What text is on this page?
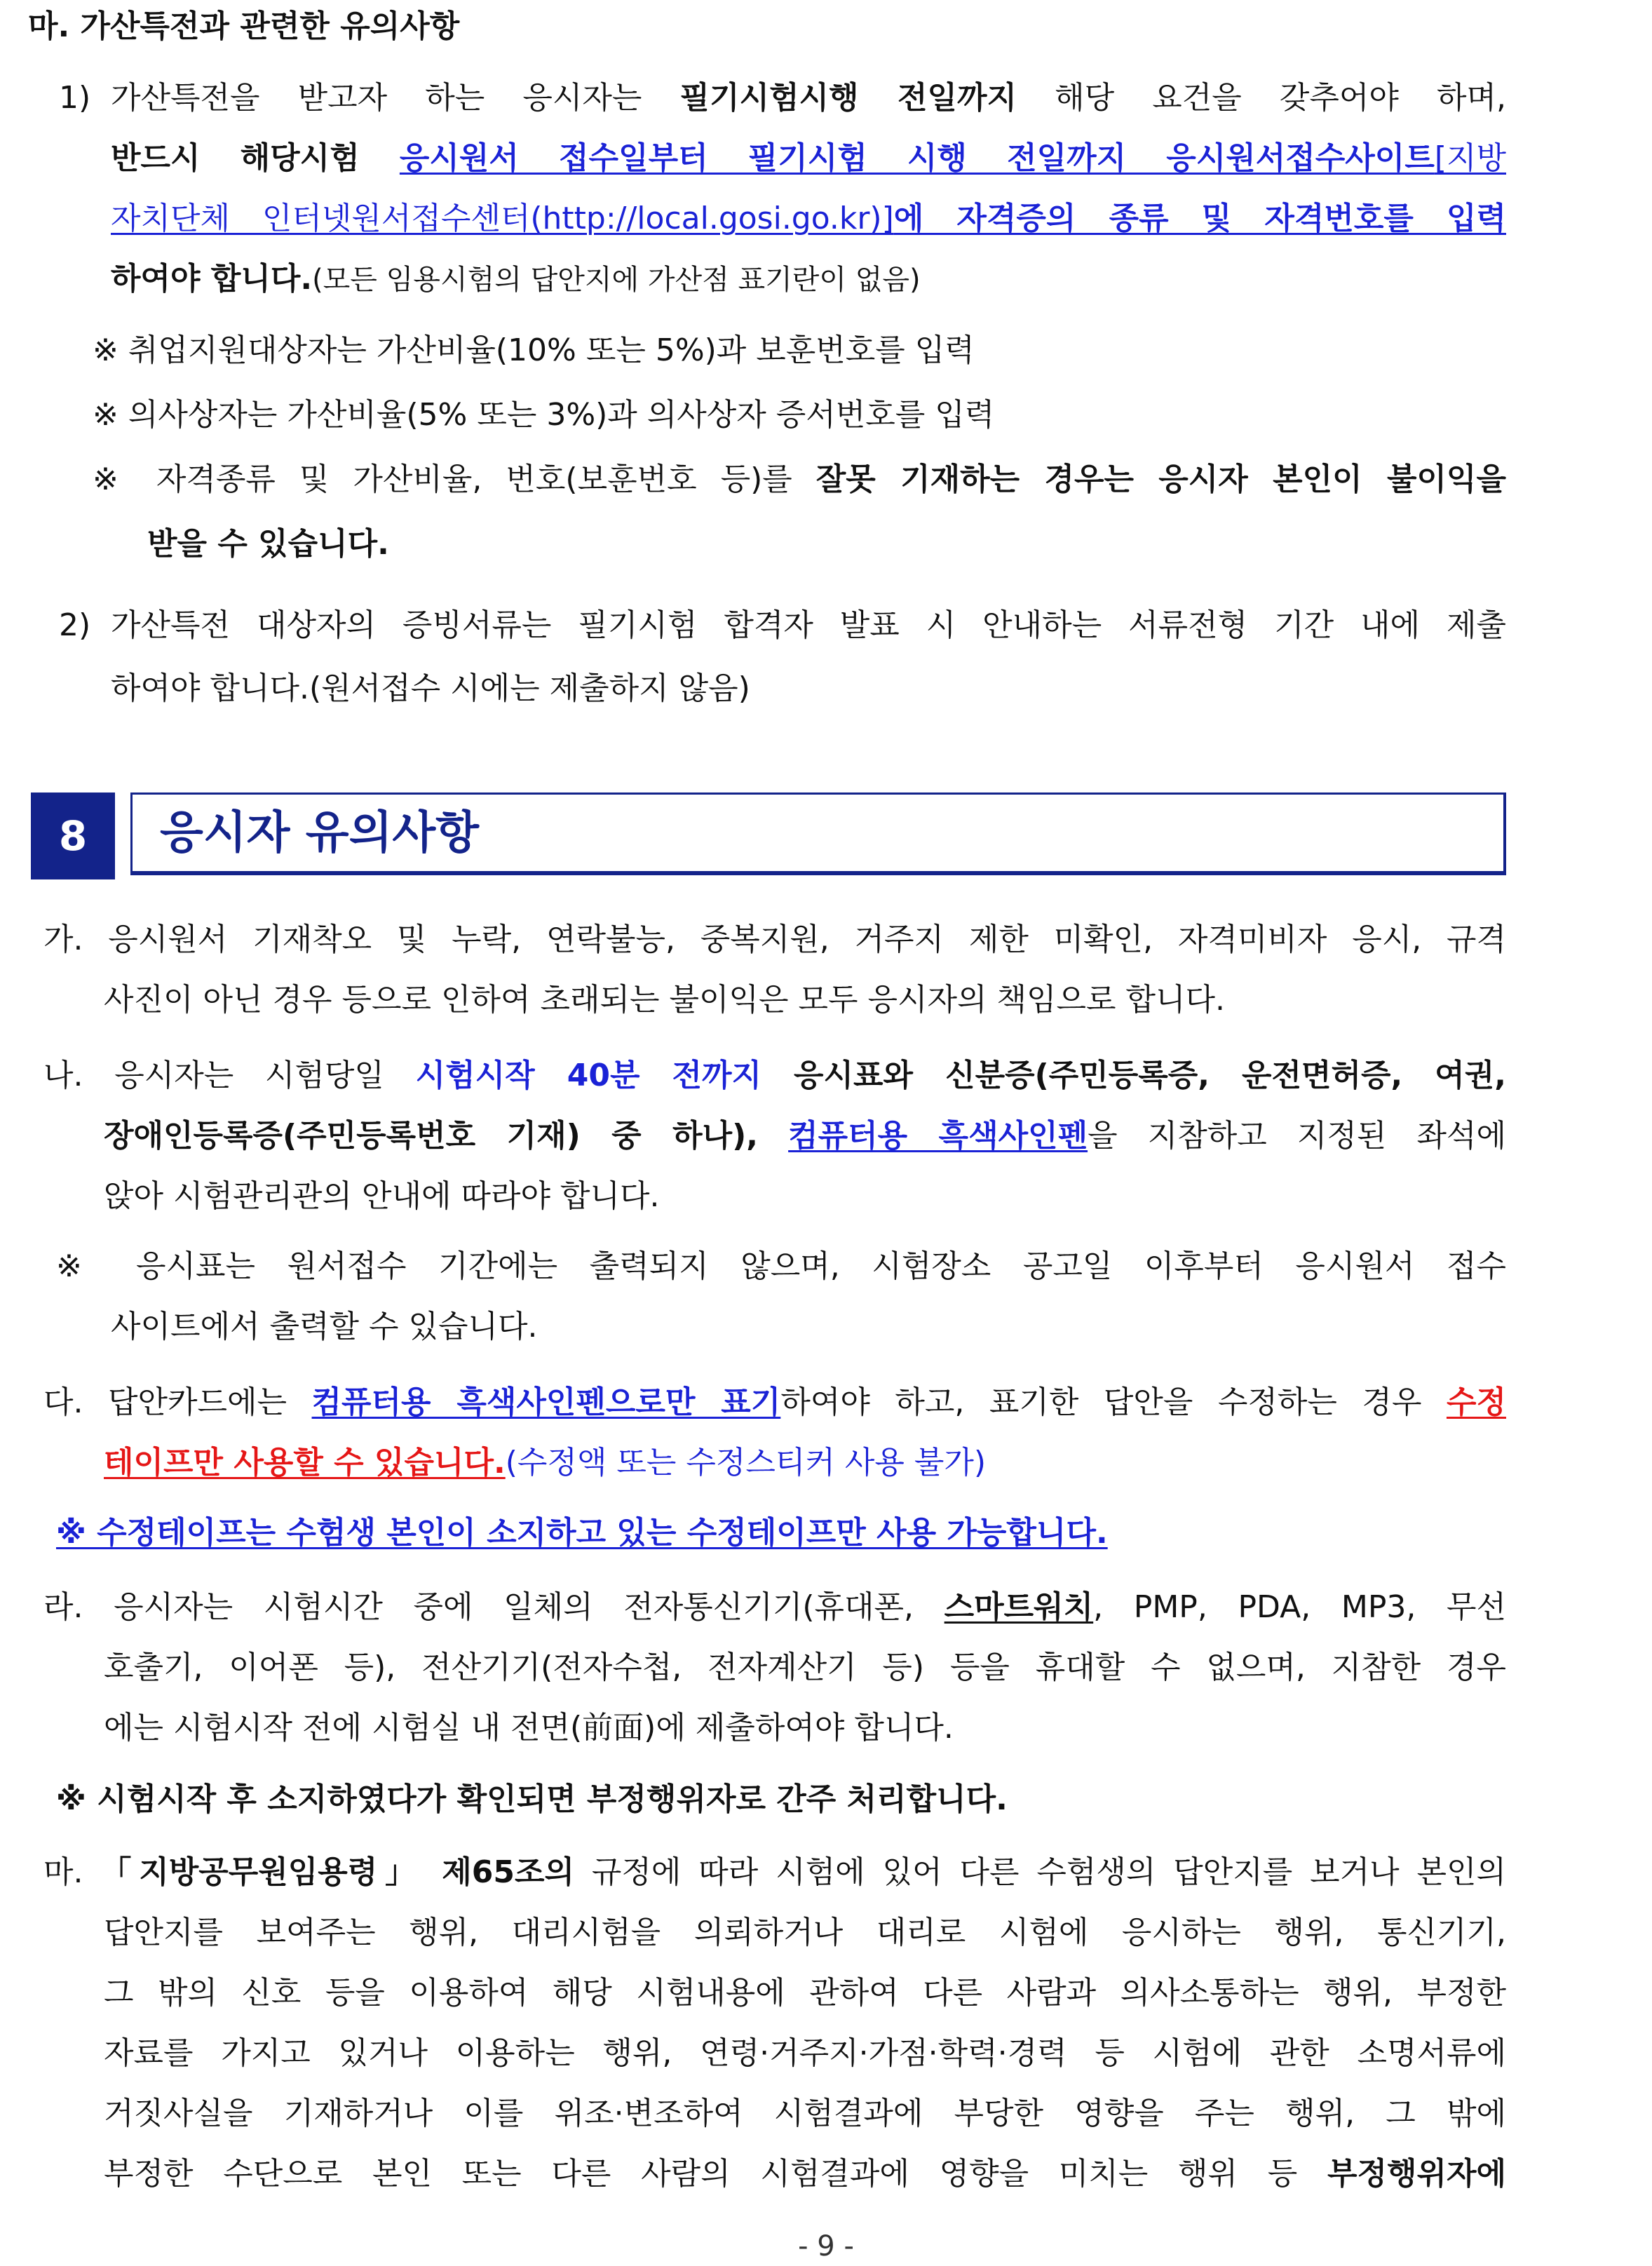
마. 가산특전과 관련한 유의사항
1) 가산특전을 받고자 하는 응시자는 필기시험시행 전일까지 해당 요건을 갖추어야 하며,
반드시 해당시험 응시원서 접수일부터 필기시험 시행 전일까지 응시원서접수사이트[지방
자치단체 인터넷원서접수센터(http://local.gosi.go.kr)]에 자격증의 종류 및 자격번호를 입력
하여야 합니다.(모든 임용시험의 답안지에 가산점 표기란이 없음)
※ 취업지원대상자는 가산비율(10% 또는 5%)과 보훈번호를 입력
※ 의사상자는 가산비율(5% 또는 3%)과 의사상자 증서번호를 입력
※ 자격종류 및 가산비율, 번호(보훈번호 등)를 잘못 기재하는 경우는 응시자 본인이 불이익을
받을 수 있습니다.
2) 가산특전 대상자의 증빙서류는 필기시험 합격자 발표 시 안내하는 서류전형 기간 내에 제출
하여야 합니다.(원서접수 시에는 제출하지 않음)
8 응시자 유의사항
가. 응시원서 기재착오 및 누락, 연락불능, 중복지원, 거주지 제한 미확인, 자격미비자 응시, 규격
사진이 아닌 경우 등으로 인하여 초래되는 불이익은 모두 응시자의 책임으로 합니다.
나. 응시자는 시험당일 시험시작 40분 전까지 응시표와 신분증(주민등록증, 운전면허증, 여권,
장애인등록증(주민등록번호 기재) 중 하나), 컴퓨터용 흑색사인펜을 지참하고 지정된 좌석에
앉아 시험관리관의 안내에 따라야 합니다.
※ 응시표는 원서접수 기간에는 출력되지 않으며, 시험장소 공고일 이후부터 응시원서 접수
사이트에서 출력할 수 있습니다.
다. 답안카드에는 컴퓨터용 흑색사인펜으로만 표기하여야 하고, 표기한 답안을 수정하는 경우 수정
테이프만 사용할 수 있습니다.(수정액 또는 수정스티커 사용 불가)
※ 수정테이프는 수험생 본인이 소지하고 있는 수정테이프만 사용 가능합니다.
라. 응시자는 시험시간 중에 일체의 전자통신기기(휴대폰, 스마트워치, PMP, PDA, MP3, 무선
호출기, 이어폰 등), 전산기기(전자수첩, 전자계산기 등) 등을 휴대할 수 없으며, 지참한 경우
에는 시험시작 전에 시험실 내 전면(前面)에 제출하여야 합니다.
※ 시험시작 후 소지하였다가 확인되면 부정행위자로 간주 처리합니다.
마. 「지방공무원임용령」 제65조의 규정에 따라 시험에 있어 다른 수험생의 답안지를 보거나 본인의
답안지를 보여주는 행위, 대리시험을 의뢰하거나 대리로 시험에 응시하는 행위, 통신기기,
그 밖의 신호 등을 이용하여 해당 시험내용에 관하여 다른 사람과 의사소통하는 행위, 부정한
자료를 가지고 있거나 이용하는 행위, 연령·거주지·가점·학력·경력 등 시험에 관한 소명서류에
거짓사실을 기재하거나 이를 위조·변조하여 시험결과에 부당한 영향을 주는 행위, 그 밖에
부정한 수단으로 본인 또는 다른 사람의 시험결과에 영향을 미치는 행위 등 부정행위자에
- 9 -
